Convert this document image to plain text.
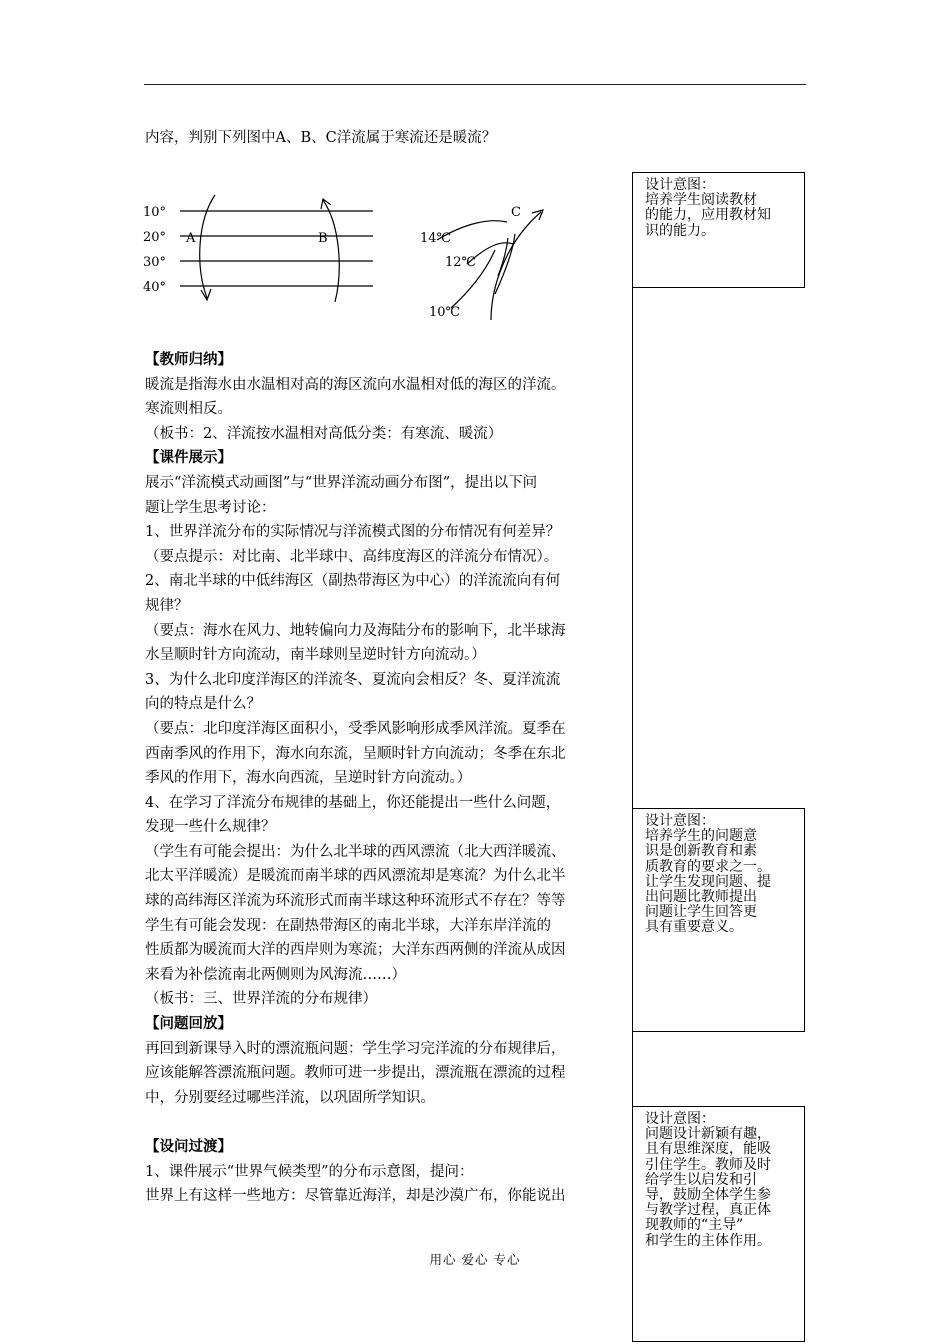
内容，判别下列图中A、B、C洋流属于寒流还是暖流？
10°
20°
30°
40°
A	B
C
14℃
12℃
10℃
【教师归纳】
暖流是指海水由水温相对高的海区流向水温相对低的海区的洋流。
寒流则相反。
（板书：2、洋流按水温相对高低分类：有寒流、暖流）
【课件展示】
展示“洋流模式动画图”与“世界洋流动画分布图”，提出以下问
题让学生思考讨论：
1、世界洋流分布的实际情况与洋流模式图的分布情况有何差异？
（要点提示：对比南、北半球中、高纬度海区的洋流分布情况）。
2、南北半球的中低纬海区（副热带海区为中心）的洋流流向有何
规律？
（要点：海水在风力、地转偏向力及海陆分布的影响下，北半球海
水呈顺时针方向流动，南半球则呈逆时针方向流动。）
3、为什么北印度洋海区的洋流冬、夏流向会相反？冬、夏洋流流
向的特点是什么？
（要点：北印度洋海区面积小，受季风影响形成季风洋流。夏季在
西南季风的作用下，海水向东流，呈顺时针方向流动；冬季在东北
季风的作用下，海水向西流，呈逆时针方向流动。）
4、在学习了洋流分布规律的基础上，你还能提出一些什么问题，
发现一些什么规律？
（学生有可能会提出：为什么北半球的西风漂流（北大西洋暖流、
北太平洋暖流）是暖流而南半球的西风漂流却是寒流？为什么北半
球的高纬海区洋流为环流形式而南半球这种环流形式不存在？等等
学生有可能会发现：在副热带海区的南北半球，大洋东岸洋流的
性质都为暖流而大洋的西岸则为寒流；大洋东西两侧的洋流从成因
来看为补偿流南北两侧则为风海流……）
（板书：三、世界洋流的分布规律）
【问题回放】
再回到新课导入时的漂流瓶问题：学生学习完洋流的分布规律后，
应该能解答漂流瓶问题。教师可进一步提出，漂流瓶在漂流的过程
中，分别要经过哪些洋流，以巩固所学知识。
【设问过渡】
1、课件展示“世界气候类型”的分布示意图，提问：
世界上有这样一些地方：尽管靠近海洋，却是沙漠广布，你能说出
设计意图：
培养学生阅读教材
的能力，应用教材知
识的能力。
设计意图：
培养学生的问题意
识是创新教育和素
质教育的要求之一。
让学生发现问题、提
出问题比教师提出
问题让学生回答更
具有重要意义。
设计意图：
问题设计新颖有趣，
且有思维深度，能吸
引住学生。教师及时
给学生以启发和引
导，鼓励全体学生参
与教学过程，真正体
现教师的“主导”
和学生的主体作用。
用心 爱心 专心
